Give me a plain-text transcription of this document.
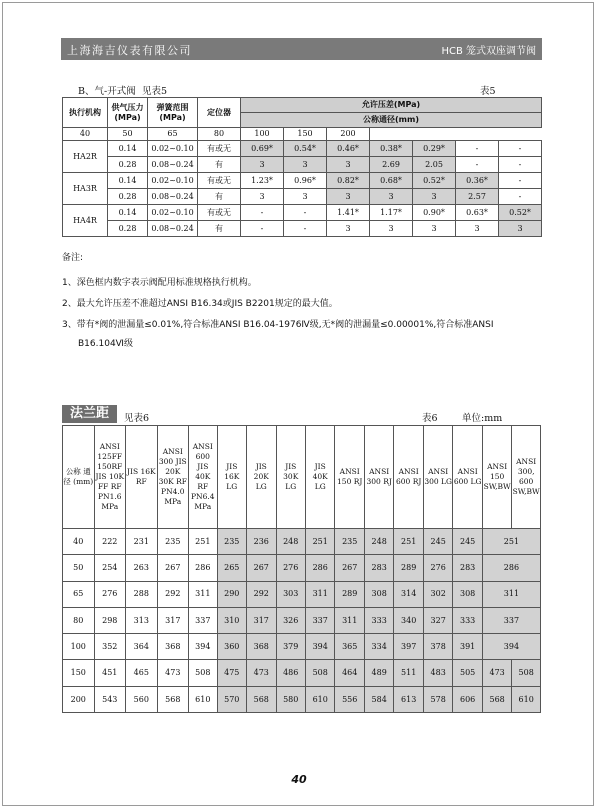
上海海吉仪表有限公司	HCB 笼式双座调节阀
B、气-开式阀 见表5	表5
执行机构	供气压力 (MPa)	弹簧范围 (MPa)	定位器	允许压差(MPa)						
				公称通径(mm)						
40	50	65	80	100	150	200				
HA2R	0.14	0.02~0.10	有或无	0.69*	0.54*	0.46*	0.38*	0.29*	-	-
	0.28	0.08~0.24	有	3	3	3	2.69	2.05	-	-
HA3R	0.14	0.02~0.10	有或无	1.23*	0.96*	0.82*	0.68*	0.52*	0.36*	-
	0.28	0.08~0.24	有	3	3	3	3	3	2.57	-
HA4R	0.14	0.02~0.10	有或无	-	-	1.41*	1.17*	0.90*	0.63*	0.52*
	0.28	0.08~0.24	有	-	-	3	3	3	3	3
备注:
1、深色框内数字表示阀配用标准规格执行机构。
2、最大允许压差不准超过ANSI B16.34或JIS B2201规定的最大值。
3、带有*阀的泄漏量≤0.01%,符合标准ANSI B16.04-1976Ⅳ级,无*阀的泄漏量≤0.00001%,符合标准ANSI
B16.104Ⅵ级
法兰距	见表6	表6	单位:mm
公称 通径 (mm)	ANSI 125FF 150RF JIS 10K FF RF PN1.6 MPa	JIS 16K RF	ANSI 300 JIS 20K 30K RF PN4.0 MPa	ANSI 600 JIS 40K RF PN6.4 MPa	JIS 16K LG	JIS 20K LG	JIS 30K LG	JIS 40K LG	ANSI 150 RJ	ANSI 300 RJ	ANSI 600 RJ	ANSI 300 LG	ANSI 600 LG	ANSI 150 SW,BW	ANSI 300, 600 SW,BW
40	222	231	235	251	235	236	248	251	235	248	251	245	245	251	
50	254	263	267	286	265	267	276	286	267	283	289	276	283	286	
65	276	288	292	311	290	292	303	311	289	308	314	302	308	311	
80	298	313	317	337	310	317	326	337	311	333	340	327	333	337	
100	352	364	368	394	360	368	379	394	365	334	397	378	391	394	
150	451	465	473	508	475	473	486	508	464	489	511	483	505	473	508
200	543	560	568	610	570	568	580	610	556	584	613	578	606	568	610
40
